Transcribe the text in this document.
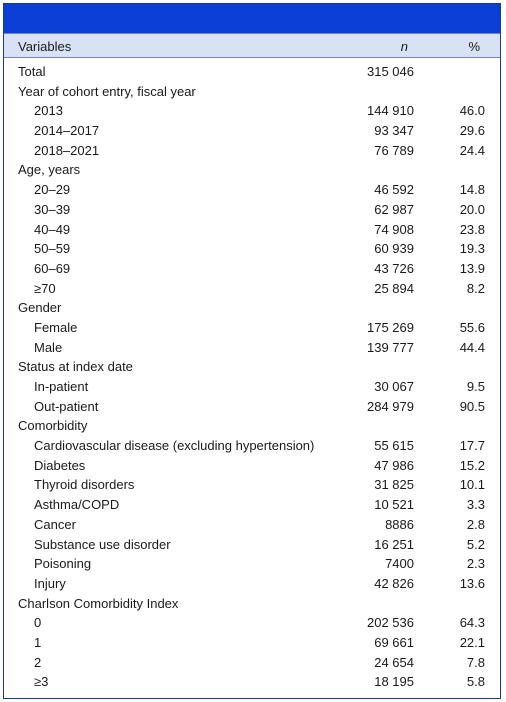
Variables	n	%
Total	315 046
Year of cohort entry, fiscal year
2013	144 910	46.0
2014–2017	93 347	29.6
2018–2021	76 789	24.4
Age, years
20–29	46 592	14.8
30–39	62 987	20.0
40–49	74 908	23.8
50–59	60 939	19.3
60–69	43 726	13.9
≥70	25 894	8.2
Gender
Female	175 269	55.6
Male	139 777	44.4
Status at index date
In-patient	30 067	9.5
Out-patient	284 979	90.5
Comorbidity
Cardiovascular disease (excluding hypertension)	55 615	17.7
Diabetes	47 986	15.2
Thyroid disorders	31 825	10.1
Asthma/COPD	10 521	3.3
Cancer	8886	2.8
Substance use disorder	16 251	5.2
Poisoning	7400	2.3
Injury	42 826	13.6
Charlson Comorbidity Index
0	202 536	64.3
1	69 661	22.1
2	24 654	7.8
≥3	18 195	5.8
